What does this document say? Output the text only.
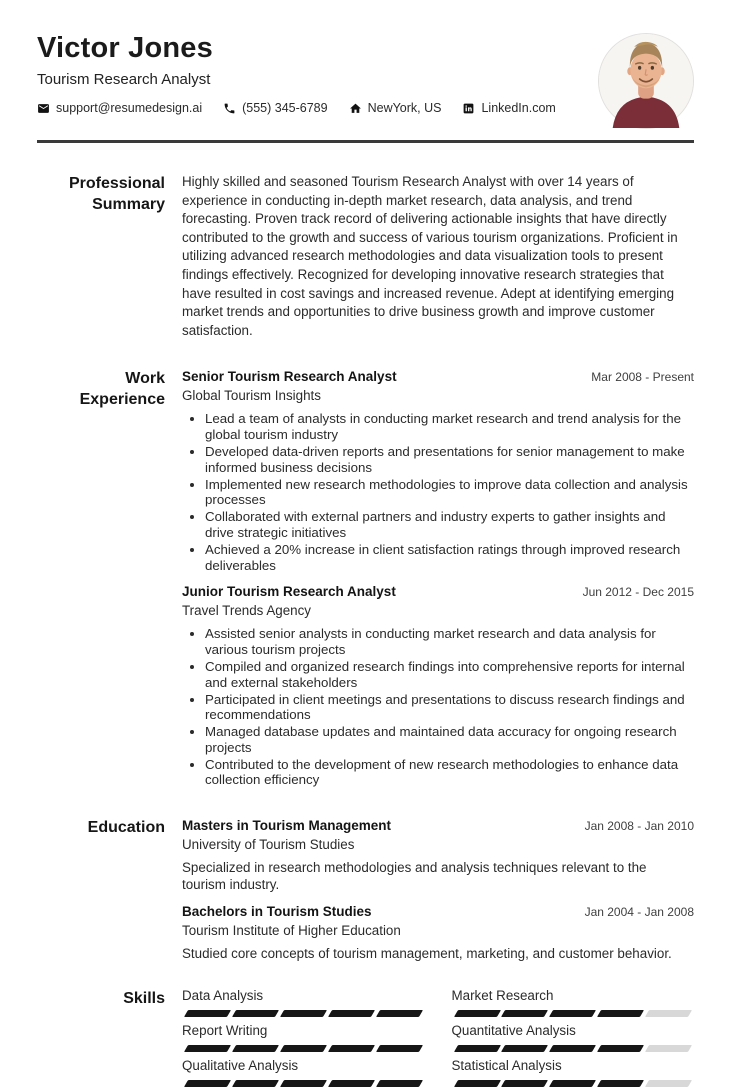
Victor Jones
Tourism Research Analyst
support@resumedesign.ai	(555) 345-6789	NewYork, US	LinkedIn.com
Professional Summary
Highly skilled and seasoned Tourism Research Analyst with over 14 years of experience in conducting in-depth market research, data analysis, and trend forecasting. Proven track record of delivering actionable insights that have directly contributed to the growth and success of various tourism organizations. Proficient in utilizing advanced research methodologies and data visualization tools to present findings effectively. Recognized for developing innovative research strategies that have resulted in cost savings and increased revenue. Adept at identifying emerging market trends and opportunities to drive business growth and improve customer satisfaction.
Work Experience
Senior Tourism Research Analyst	Mar 2008 - Present
Global Tourism Insights
• Lead a team of analysts in conducting market research and trend analysis for the global tourism industry
• Developed data-driven reports and presentations for senior management to make informed business decisions
• Implemented new research methodologies to improve data collection and analysis processes
• Collaborated with external partners and industry experts to gather insights and drive strategic initiatives
• Achieved a 20% increase in client satisfaction ratings through improved research deliverables
Junior Tourism Research Analyst	Jun 2012 - Dec 2015
Travel Trends Agency
• Assisted senior analysts in conducting market research and data analysis for various tourism projects
• Compiled and organized research findings into comprehensive reports for internal and external stakeholders
• Participated in client meetings and presentations to discuss research findings and recommendations
• Managed database updates and maintained data accuracy for ongoing research projects
• Contributed to the development of new research methodologies to enhance data collection efficiency
Education Masters in Tourism Management	Jan 2008 - Jan 2010
University of Tourism Studies
Specialized in research methodologies and analysis techniques relevant to the tourism industry.
Bachelors in Tourism Studies	Jan 2004 - Jan 2008
Tourism Institute of Higher Education
Studied core concepts of tourism management, marketing, and customer behavior.
Skills Data Analysis	Market Research
Report Writing	Quantitative Analysis
Qualitative Analysis	Statistical Analysis
